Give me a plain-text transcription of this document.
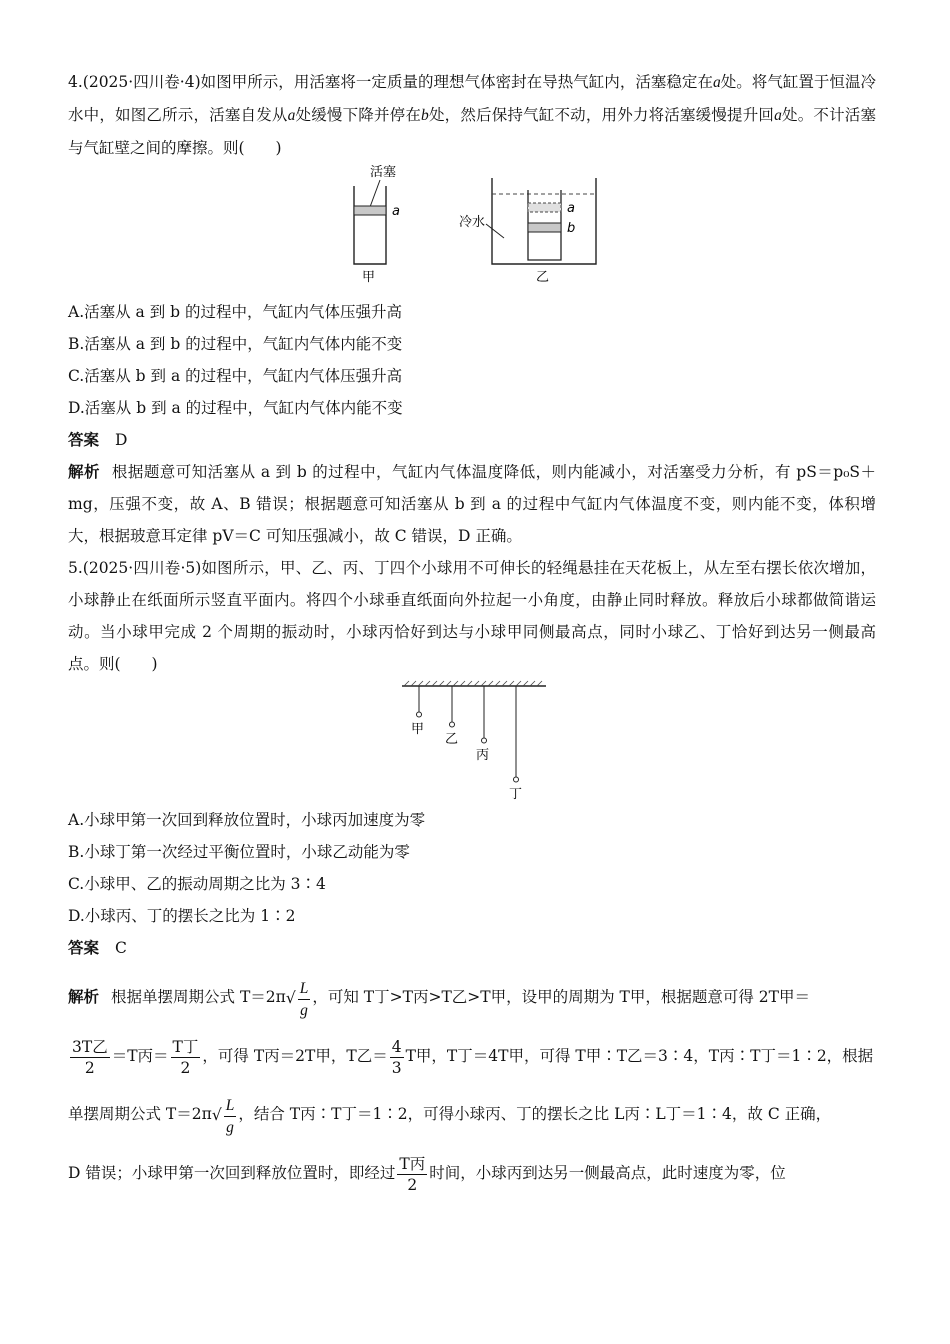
4.(2025·四川卷·4)如图甲所示，用活塞将一定质量的理想气体密封在导热气缸内，活塞稳定在a处。将气缸置于恒温冷水中，如图乙所示，活塞自发从a处缓慢下降并停在b处，然后保持气缸不动，用外力将活塞缓慢提升回a处。不计活塞与气缸壁之间的摩擦。则(　　)

活塞
a
甲
a
b
冷水
乙

A.活塞从 a 到 b 的过程中，气缸内气体压强升高

B.活塞从 a 到 b 的过程中，气缸内气体内能不变

C.活塞从 b 到 a 的过程中，气缸内气体压强升高

D.活塞从 b 到 a 的过程中，气缸内气体内能不变

答案 D

解析 根据题意可知活塞从 a 到 b 的过程中，气缸内气体温度降低，则内能减小，对活塞受力分析，有 pS＝p₀S＋mg，压强不变，故 A、B 错误；根据题意可知活塞从 b 到 a 的过程中气缸内气体温度不变，则内能不变，体积增大，根据玻意耳定律 pV＝C 可知压强减小，故 C 错误，D 正确。

5.(2025·四川卷·5)如图所示，甲、乙、丙、丁四个小球用不可伸长的轻绳悬挂在天花板上，从左至右摆长依次增加，小球静止在纸面所示竖直平面内。将四个小球垂直纸面向外拉起一小角度，由静止同时释放。释放后小球都做简谐运动。当小球甲完成 2 个周期的振动时，小球丙恰好到达与小球甲同侧最高点，同时小球乙、丁恰好到达另一侧最高点。则(　　)

甲
乙
丙
丁

A.小球甲第一次回到释放位置时，小球丙加速度为零

B.小球丁第一次经过平衡位置时，小球乙动能为零

C.小球甲、乙的振动周期之比为 3∶4

D.小球丙、丁的摆长之比为 1∶2

答案 C

解析 根据单摆周期公式 $T=2\pi√ \frac{L}{g}$ ，可知 T丁>T丙>T乙>T甲，设甲的周期为 T甲，根据题意可得 2T甲＝

$\frac{\text{3T乙}}{2} =T$丙＝ $\frac{\text{T丁}}{2}$ ，可得 T丙＝2T甲，T乙＝ $\frac{4}{3}$ T甲，T丁＝4T甲，可得 T甲∶T乙＝3∶4，T丙∶T丁＝1∶2，根据

单摆周期公式 $T=2\pi√ \frac{L}{g}$ ，结合 T丙∶T丁＝1∶2，可得小球丙、丁的摆长之比 L丙∶L丁＝1∶4，故 C 正确，

D 错误；小球甲第一次回到释放位置时，即经过 $\frac{\text{T丙}}{2}$ 时间，小球丙到达另一侧最高点，此时速度为零，位
